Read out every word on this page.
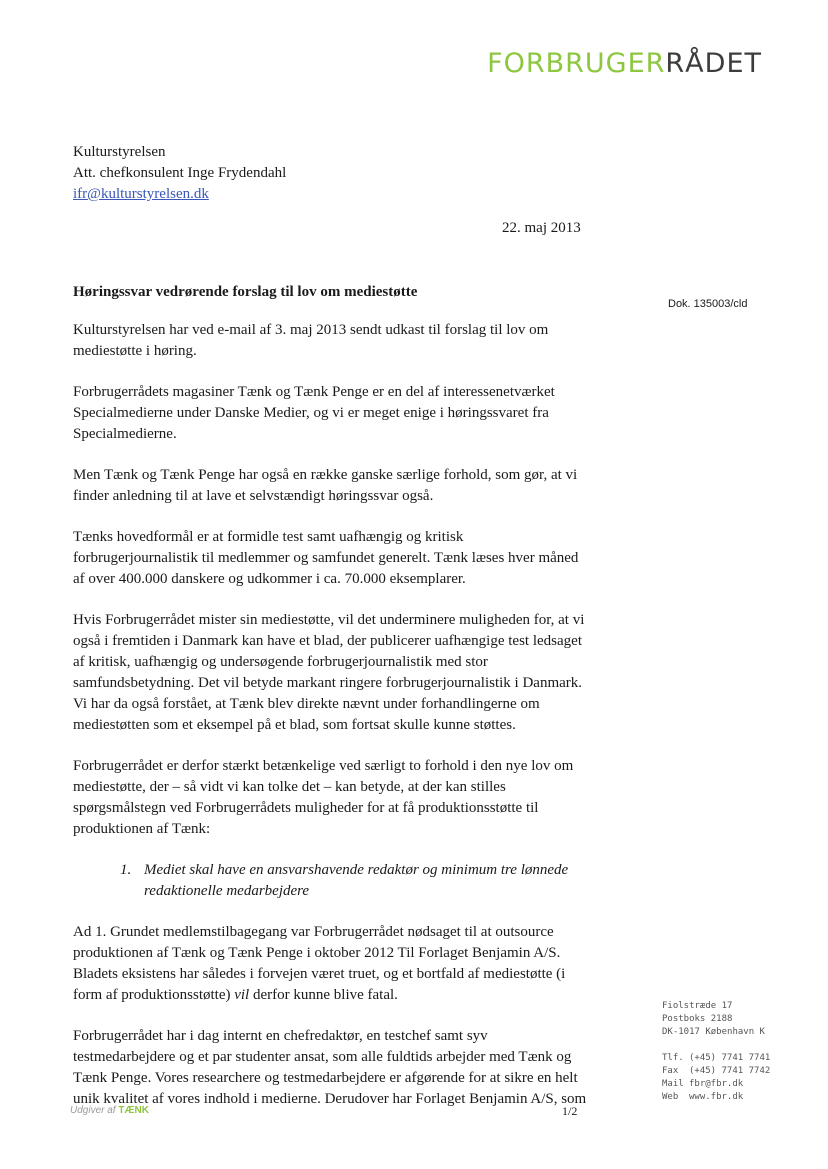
FORBRUGERRÅDET
Kulturstyrelsen
Att. chefkonsulent Inge Frydendahl
ifr@kulturstyrelsen.dk
22. maj 2013
Høringssvar vedrørende forslag til lov om mediestøtte
Dok. 135003/cld

Kulturstyrelsen har ved e-mail af 3. maj 2013 sendt udkast til forslag til lov om mediestøtte i høring.

Forbrugerrådets magasiner Tænk og Tænk Penge er en del af interessenetværket Specialmedierne under Danske Medier, og vi er meget enige i høringssvaret fra Specialmedierne.

Men Tænk og Tænk Penge har også en række ganske særlige forhold, som gør, at vi finder anledning til at lave et selvstændigt høringssvar også.

Tænks hovedformål er at formidle test samt uafhængig og kritisk forbrugerjournalistik til medlemmer og samfundet generelt. Tænk læses hver måned af over 400.000 danskere og udkommer i ca. 70.000 eksemplarer.

Hvis Forbrugerrådet mister sin mediestøtte, vil det underminere muligheden for, at vi også i fremtiden i Danmark kan have et blad, der publicerer uafhængige test ledsaget af kritisk, uafhængig og undersøgende forbrugerjournalistik med stor samfundsbetydning. Det vil betyde markant ringere forbrugerjournalistik i Danmark. Vi har da også forstået, at Tænk blev direkte nævnt under forhandlingerne om mediestøtten som et eksempel på et blad, som fortsat skulle kunne støttes.

Forbrugerrådet er derfor stærkt betænkelige ved særligt to forhold i den nye lov om mediestøtte, der – så vidt vi kan tolke det – kan betyde, at der kan stilles spørgsmålstegn ved Forbrugerrådets muligheder for at få produktionsstøtte til produktionen af Tænk:

1. Mediet skal have en ansvarshavende redaktør og minimum tre lønnede redaktionelle medarbejdere

Ad 1. Grundet medlemstilbagegang var Forbrugerrådet nødsaget til at outsource produktionen af Tænk og Tænk Penge i oktober 2012 Til Forlaget Benjamin A/S. Bladets eksistens har således i forvejen været truet, og et bortfald af mediestøtte (i form af produktionsstøtte) vil derfor kunne blive fatal.

Forbrugerrådet har i dag internt en chefredaktør, en testchef samt syv testmedarbejdere og et par studenter ansat, som alle fuldtids arbejder med Tænk og Tænk Penge. Vores researchere og testmedarbejdere er afgørende for at sikre en helt unik kvalitet af vores indhold i medierne. Derudover har Forlaget Benjamin A/S, som

Fiolstræde 17
Postboks 2188
DK-1017 København K
Tlf. (+45) 7741 7741
Fax	(+45) 7741 7742
Mail fbr@fbr.dk
Web	www.fbr.dk
Udgiver af TÆNK	1/2
